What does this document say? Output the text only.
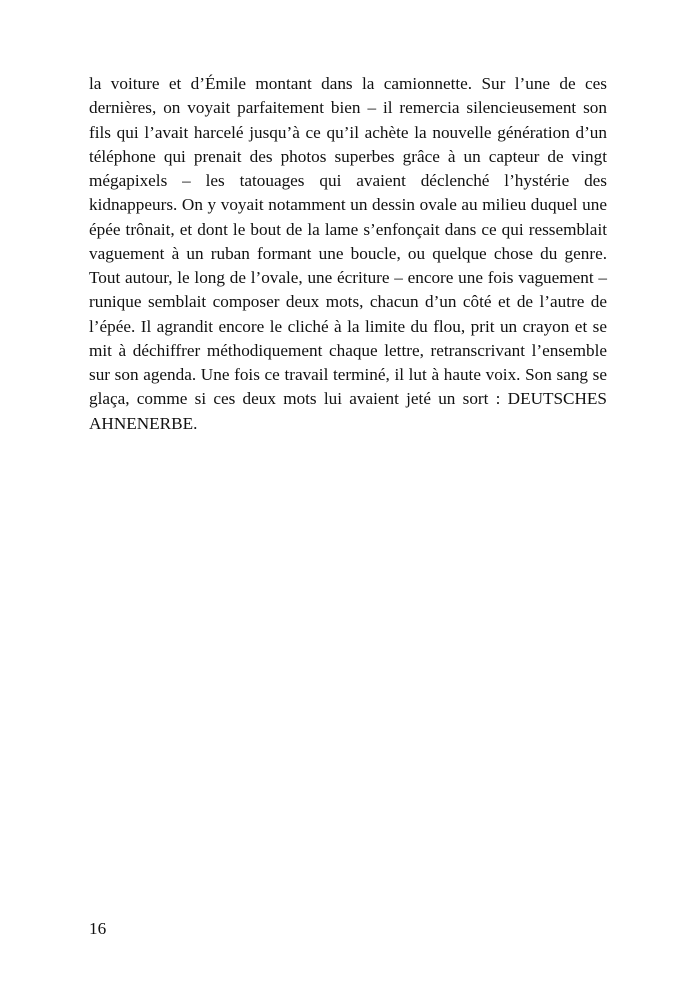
la voiture et d’Émile montant dans la camionnette. Sur l’une de ces dernières, on voyait parfaitement bien – il remercia silencieusement son fils qui l’avait harcelé jusqu’à ce qu’il achète la nouvelle génération d’un téléphone qui prenait des photos superbes grâce à un capteur de vingt mégapixels – les tatouages qui avaient déclenché l’hystérie des kidnappeurs. On y voyait notamment un dessin ovale au milieu duquel une épée trônait, et dont le bout de la lame s’enfonçait dans ce qui ressemblait vaguement à un ruban formant une boucle, ou quelque chose du genre. Tout autour, le long de l’ovale, une écriture – encore une fois vaguement – runique semblait composer deux mots, chacun d’un côté et de l’autre de l’épée. Il agrandit encore le cliché à la limite du flou, prit un crayon et se mit à déchiffrer méthodiquement chaque lettre, retranscrivant l’ensemble sur son agenda. Une fois ce travail terminé, il lut à haute voix. Son sang se glaça, comme si ces deux mots lui avaient jeté un sort : DEUTSCHES AHNENERBE.

16
